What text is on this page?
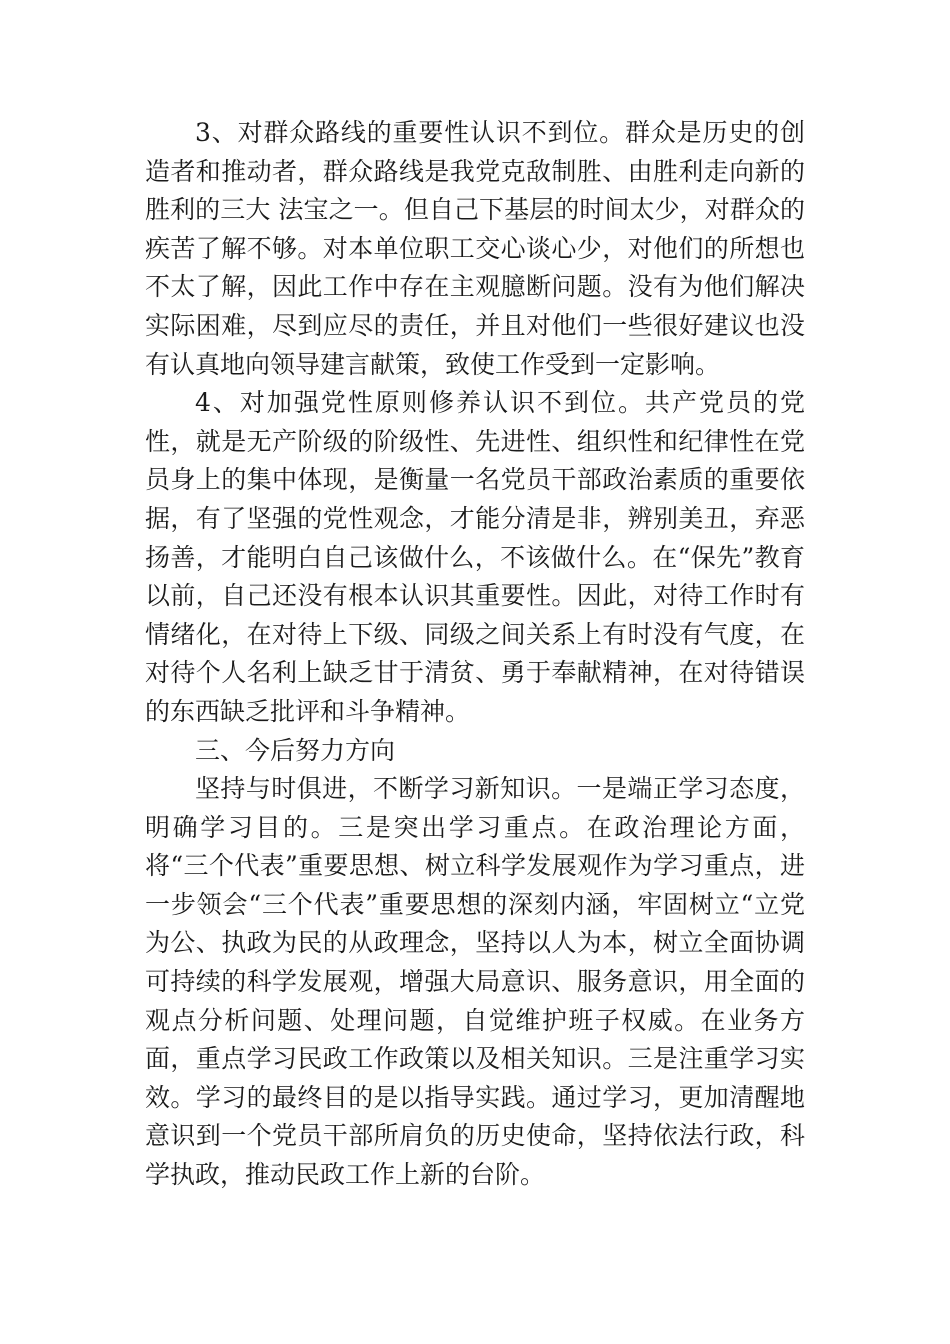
3、对群众路线的重要性认识不到位。群众是历史的创造者和推动者，群众路线是我党克敌制胜、由胜利走向新的胜利的三大 法宝之一。但自己下基层的时间太少，对群众的疾苦了解不够。对本单位职工交心谈心少，对他们的所想也不太了解，因此工作中存在主观臆断问题。没有为他们解决实际困难，尽到应尽的责任，并且对他们一些很好建议也没有认真地向领导建言献策，致使工作受到一定影响。

4、对加强党性原则修养认识不到位。共产党员的党性，就是无产阶级的阶级性、先进性、组织性和纪律性在党员身上的集中体现，是衡量一名党员干部政治素质的重要依据，有了坚强的党性观念，才能分清是非，辨别美丑，弃恶扬善，才能明白自己该做什么，不该做什么。在“保先”教育以前，自己还没有根本认识其重要性。因此，对待工作时有情绪化，在对待上下级、同级之间关系上有时没有气度，在对待个人名利上缺乏甘于清贫、勇于奉献精神，在对待错误的东西缺乏批评和斗争精神。

三、今后努力方向

坚持与时俱进，不断学习新知识。一是端正学习态度，明确学习目的。三是突出学习重点。在政治理论方面，将“三个代表”重要思想、树立科学发展观作为学习重点，进一步领会“三个代表”重要思想的深刻内涵，牢固树立“立党为公、执政为民的从政理念，坚持以人为本，树立全面协调可持续的科学发展观，增强大局意识、服务意识，用全面的观点分析问题、处理问题，自觉维护班子权威。在业务方面，重点学习民政工作政策以及相关知识。三是注重学习实效。学习的最终目的是以指导实践。通过学习，更加清醒地意识到一个党员干部所肩负的历史使命，坚持依法行政，科学执政，推动民政工作上新的台阶。
